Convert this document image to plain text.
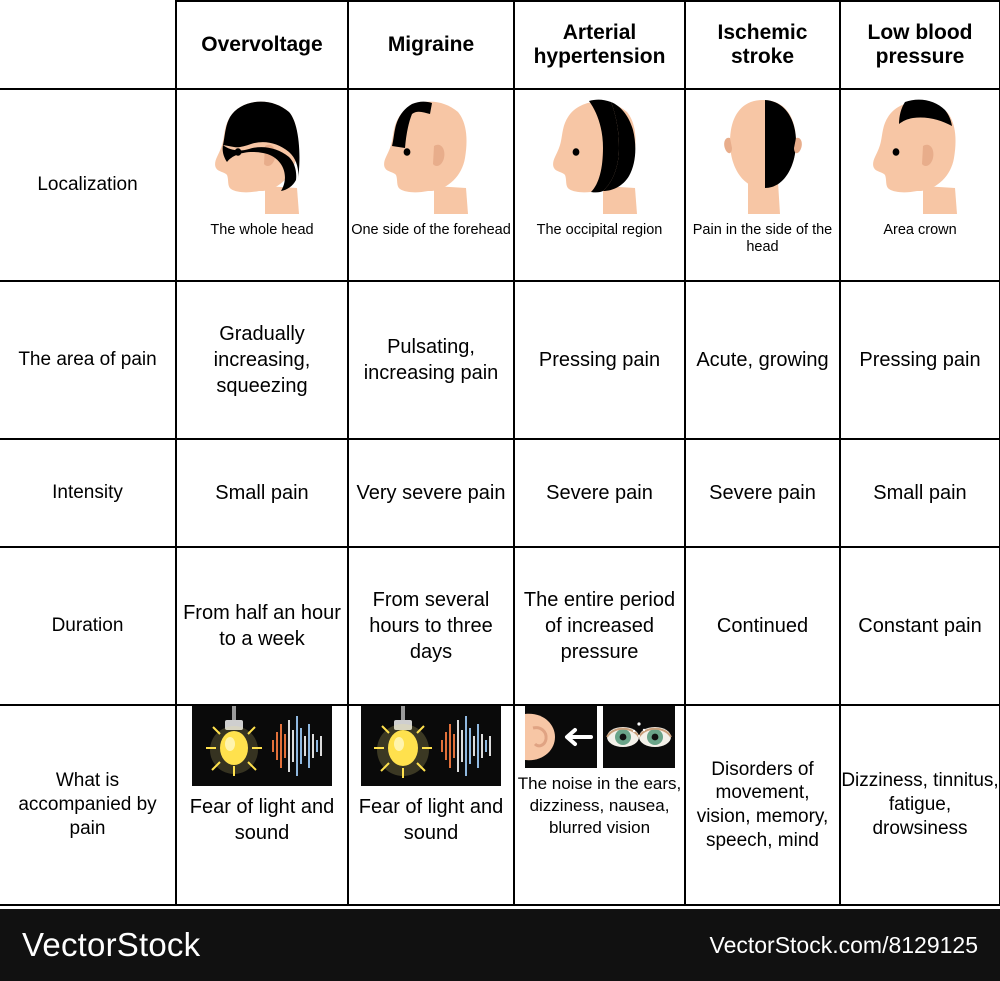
	Overvoltage	Migraine	Arterial hypertension	Ischemic stroke	Low blood pressure
Localization	The whole head	One side of the forehead	The occipital region	Pain in the side of the head	Area crown

The area of pain	Gradually increasing, squeezing	Pulsating, increasing pain	Pressing pain	Acute, growing	Pressing pain
Intensity	Small pain	Very severe pain	Severe pain	Severe pain	Small pain
Duration	From half an hour to a week	From several hours to three days	The entire period of increased pressure	Continued	Constant pain
What is accompanied by pain	Fear of light and sound	Fear of light and sound	The noise in the ears, dizziness, nausea, blurred vision	Disorders of movement, vision, memory, speech, mind	Dizziness, tinnitus, fatigue, drowsiness
VectorStock	VectorStock.com/8129125
